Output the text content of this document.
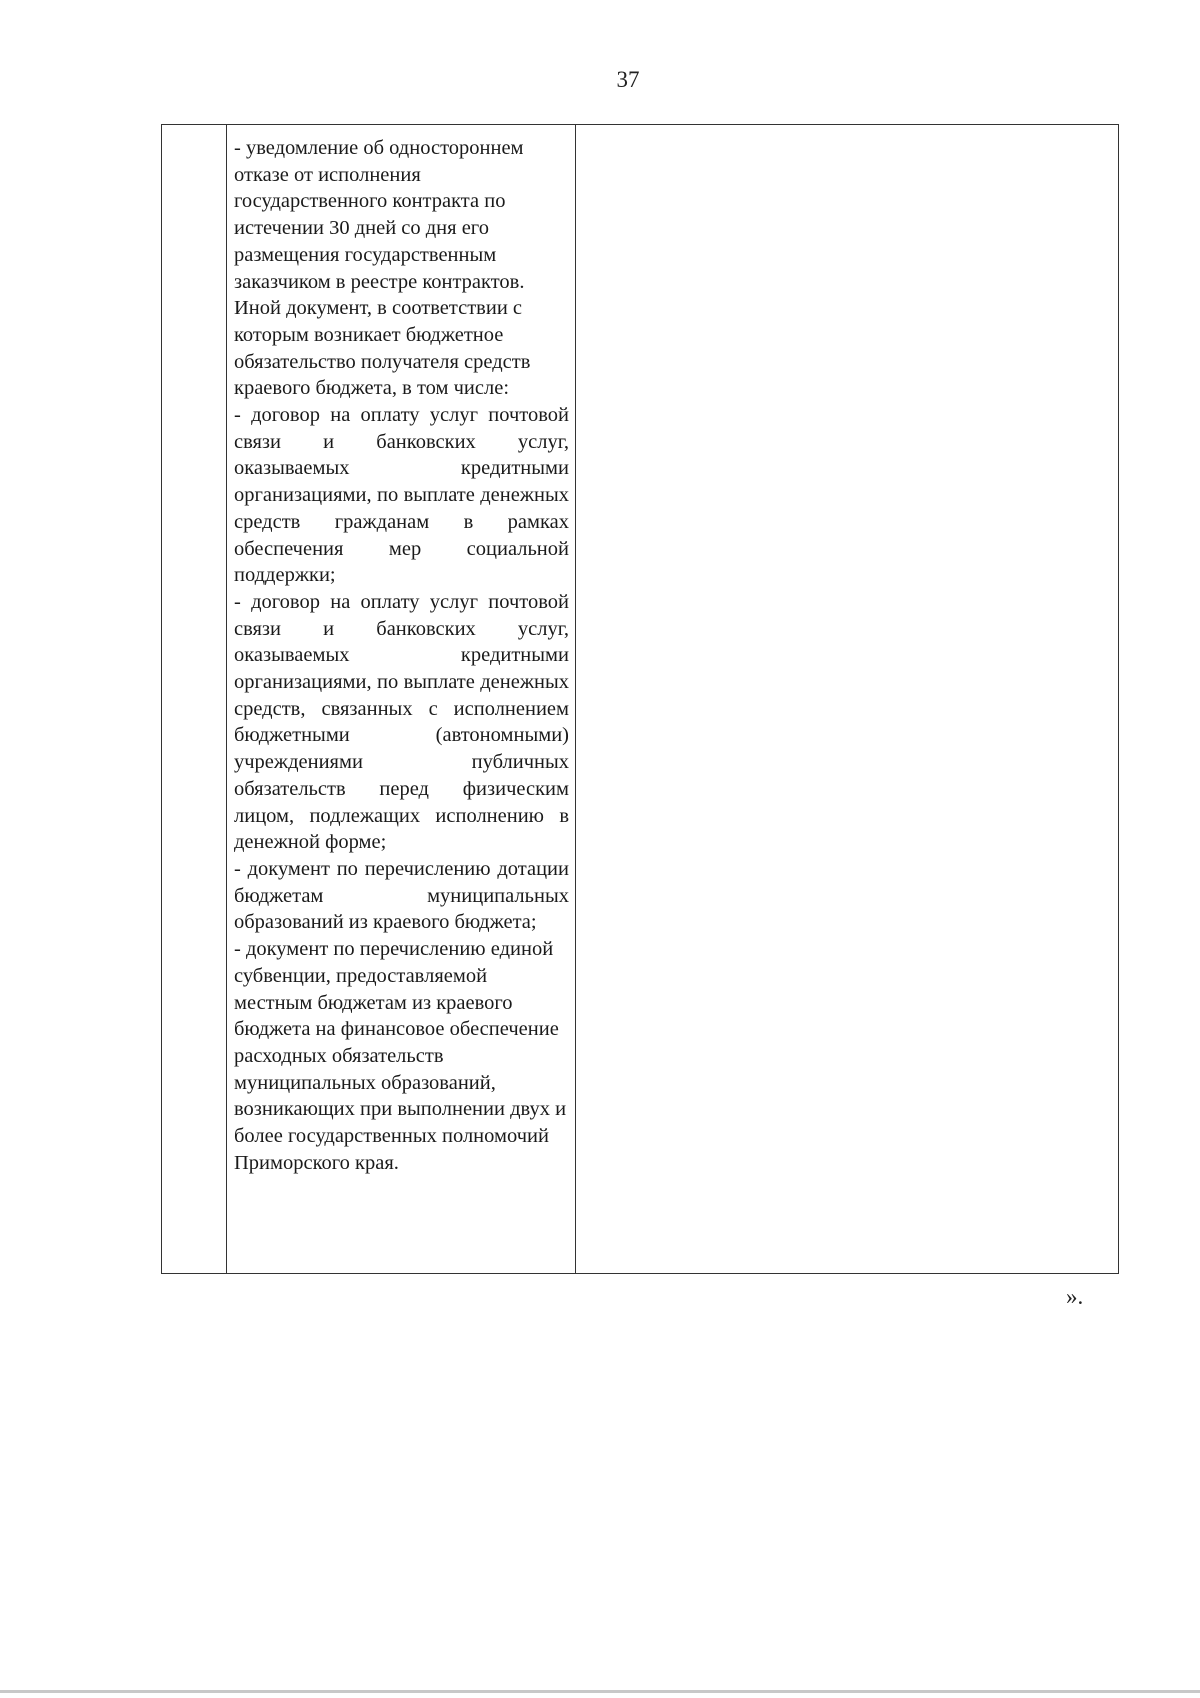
37

- уведомление об одностороннем отказе от исполнения государственного контракта по истечении 30 дней со дня его размещения государственным заказчиком в реестре контрактов.

Иной документ, в соответствии с которым возникает бюджетное обязательство получателя средств краевого бюджета, в том числе:

- договор на оплату услуг почтовой связи и банковских услуг, оказываемых кредитными организациями, по выплате денежных средств гражданам в рамках обеспечения мер социальной поддержки;

- договор на оплату услуг почтовой связи и банковских услуг, оказываемых кредитными организациями, по выплате денежных средств, связанных с исполнением бюджетными (автономными) учреждениями публичных обязательств перед физическим лицом, подлежащих исполнению в денежной форме;

- документ по перечислению дотации бюджетам муниципальных образований из краевого бюджета;

- документ по перечислению единой субвенции, предоставляемой местным бюджетам из краевого бюджета на финансовое обеспечение расходных обязательств муниципальных образований, возникающих при выполнении двух и более государственных полномочий Приморского края.

».
